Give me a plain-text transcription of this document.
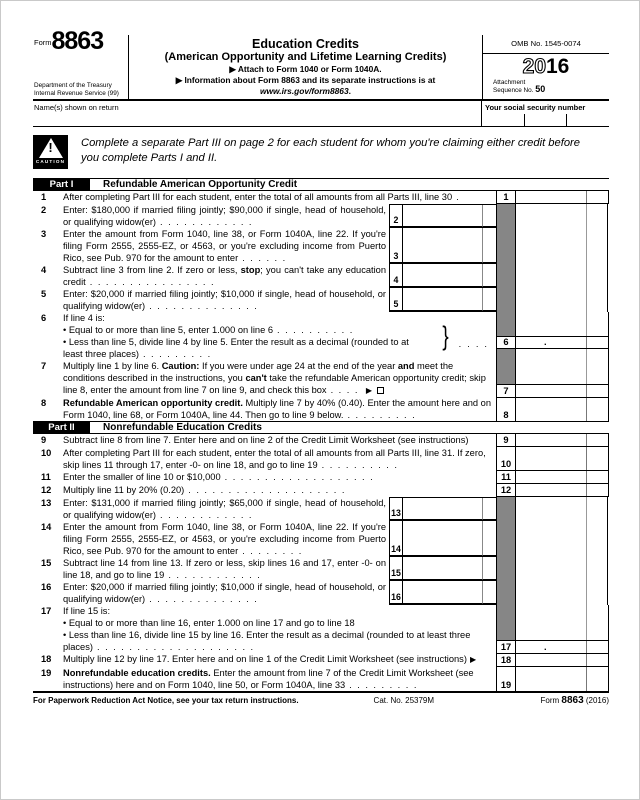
$^{Form}$8863
Department of the Treasury
Internal Revenue Service (99)
Education Credits
(American Opportunity and Lifetime Learning Credits)
▶ Attach to Form 1040 or Form 1040A.
▶ Information about Form 8863 and its separate instructions is at www.irs.gov/form8863.
OMB No. 1545-0074
2016
Attachment
Sequence No. 50
Name(s) shown on return	Your social security number
!
CAUTION
Complete a separate Part III on page 2 for each student for whom you're claiming either credit before you complete Parts I and II.
Part I	Refundable American Opportunity Credit
1	After completing Part III for each student, enter the total of all amounts from all Parts III, line 30 .	1
2	Enter: $180,000 if married filing jointly; $90,000 if single, head of household, or qualifying widow(er) ............	2
3	Enter the amount from Form 1040, line 38, or Form 1040A, line 22. If you're filing Form 2555, 2555-EZ, or 4563, or you're excluding income from Puerto Rico, see Pub. 970 for the amount to enter ......	3
4	Subtract line 3 from line 2. If zero or less, stop; you can't take any education credit ................	4
5	Enter: $20,000 if married filing jointly; $10,000 if single, head of household, or qualifying widow(er) ..............	5
6	If line 4 is:
• Equal to or more than line 5, enter 1.000 on line 6 ..........
• Less than line 5, divide line 4 by line 5. Enter the result as a decimal (rounded to at least three places) .........
} ....	6	.
7	Multiply line 1 by line 6. Caution: If you were under age 24 at the end of the year and meet the conditions described in the instructions, you can't take the refundable American opportunity credit; skip line 8, enter the amount from line 7 on line 9, and check this box .... ▶	7
8	Refundable American opportunity credit. Multiply line 7 by 40% (0.40). Enter the amount here and on Form 1040, line 68, or Form 1040A, line 44. Then go to line 9 below. .........	8
Part II	Nonrefundable Education Credits
9	Subtract line 8 from line 7. Enter here and on line 2 of the Credit Limit Worksheet (see instructions)	9
10	After completing Part III for each student, enter the total of all amounts from all Parts III, line 31. If zero, skip lines 11 through 17, enter -0- on line 18, and go to line 19 ..........	10
11	Enter the smaller of line 10 or $10,000 ...................	11
12	Multiply line 11 by 20% (0.20) ....................	12
13	Enter: $131,000 if married filing jointly; $65,000 if single, head of household, or qualifying widow(er) ............	13
14	Enter the amount from Form 1040, line 38, or Form 1040A, line 22. If you're filing Form 2555, 2555-EZ, or 4563, or you're excluding income from Puerto Rico, see Pub. 970 for the amount to enter ........	14
15	Subtract line 14 from line 13. If zero or less, skip lines 16 and 17, enter -0- on line 18, and go to line 19 ............	15
16	Enter: $20,000 if married filing jointly; $10,000 if single, head of household, or qualifying widow(er) ..............	16
17	If line 15 is:
• Equal to or more than line 16, enter 1.000 on line 17 and go to line 18
• Less than line 16, divide line 15 by line 16. Enter the result as a decimal (rounded to at least three places) ....................	17	.
18	Multiply line 12 by line 17. Enter here and on line 1 of the Credit Limit Worksheet (see instructions) ▶	18
19	Nonrefundable education credits. Enter the amount from line 7 of the Credit Limit Worksheet (see instructions) here and on Form 1040, line 50, or Form 1040A, line 33 .........	19
For Paperwork Reduction Act Notice, see your tax return instructions.	Cat. No. 25379M	Form 8863 (2016)
